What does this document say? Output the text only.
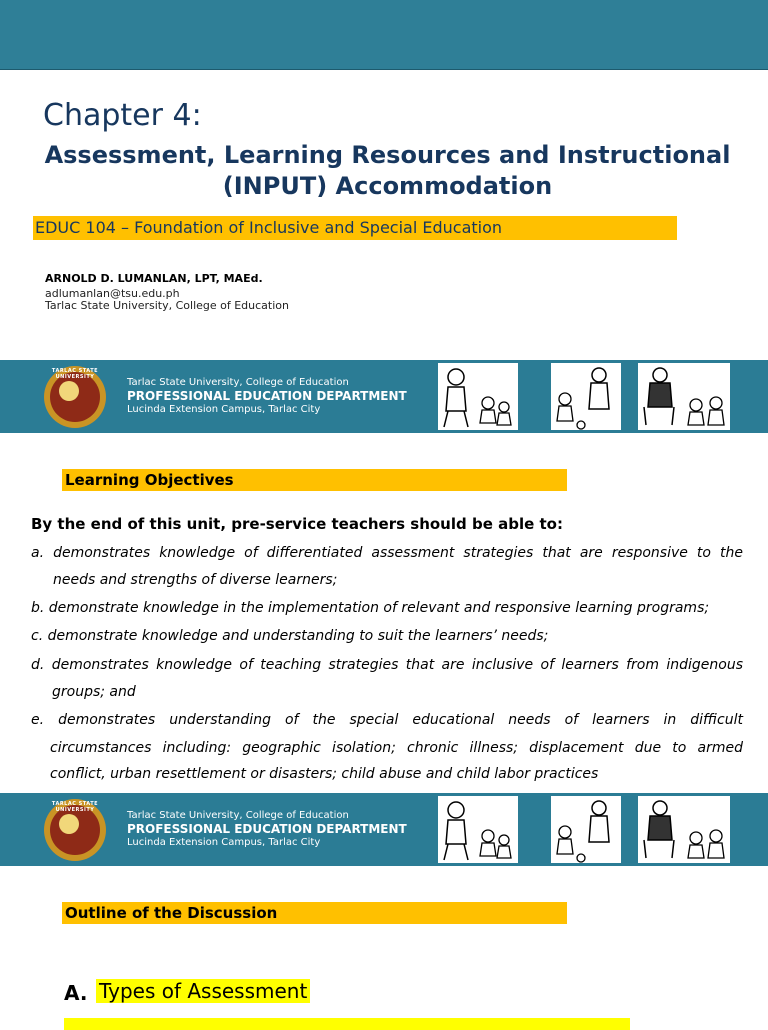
Chapter 4:
Assessment, Learning Resources and Instructional
(INPUT) Accommodation
EDUC 104 – Foundation of Inclusive and Special Education
ARNOLD D. LUMANLAN, LPT, MAEd.
adlumanlan@tsu.edu.ph
Tarlac State University, College of Education
TARLAC STATE UNIVERSITY	Tarlac State University, College of Education
PROFESSIONAL EDUCATION DEPARTMENT
Lucinda Extension Campus, Tarlac City
Learning Objectives
By the end of this unit, pre-service teachers should be able to:
a. demonstrates knowledge of differentiated assessment strategies that are responsive to the
needs and strengths of diverse learners;
b. demonstrate knowledge in the implementation of relevant and responsive learning programs;
c. demonstrate knowledge and understanding to suit the learners’ needs;
d. demonstrates knowledge of teaching strategies that are inclusive of learners from indigenous
groups; and
e. demonstrates understanding of the special educational needs of learners in difficult
circumstances including: geographic isolation; chronic illness; displacement due to armed
conflict, urban resettlement or disasters; child abuse and child labor practices
TARLAC STATE UNIVERSITY	Tarlac State University, College of Education
PROFESSIONAL EDUCATION DEPARTMENT
Lucinda Extension Campus, Tarlac City
Outline of the Discussion
A. Types of Assessment
